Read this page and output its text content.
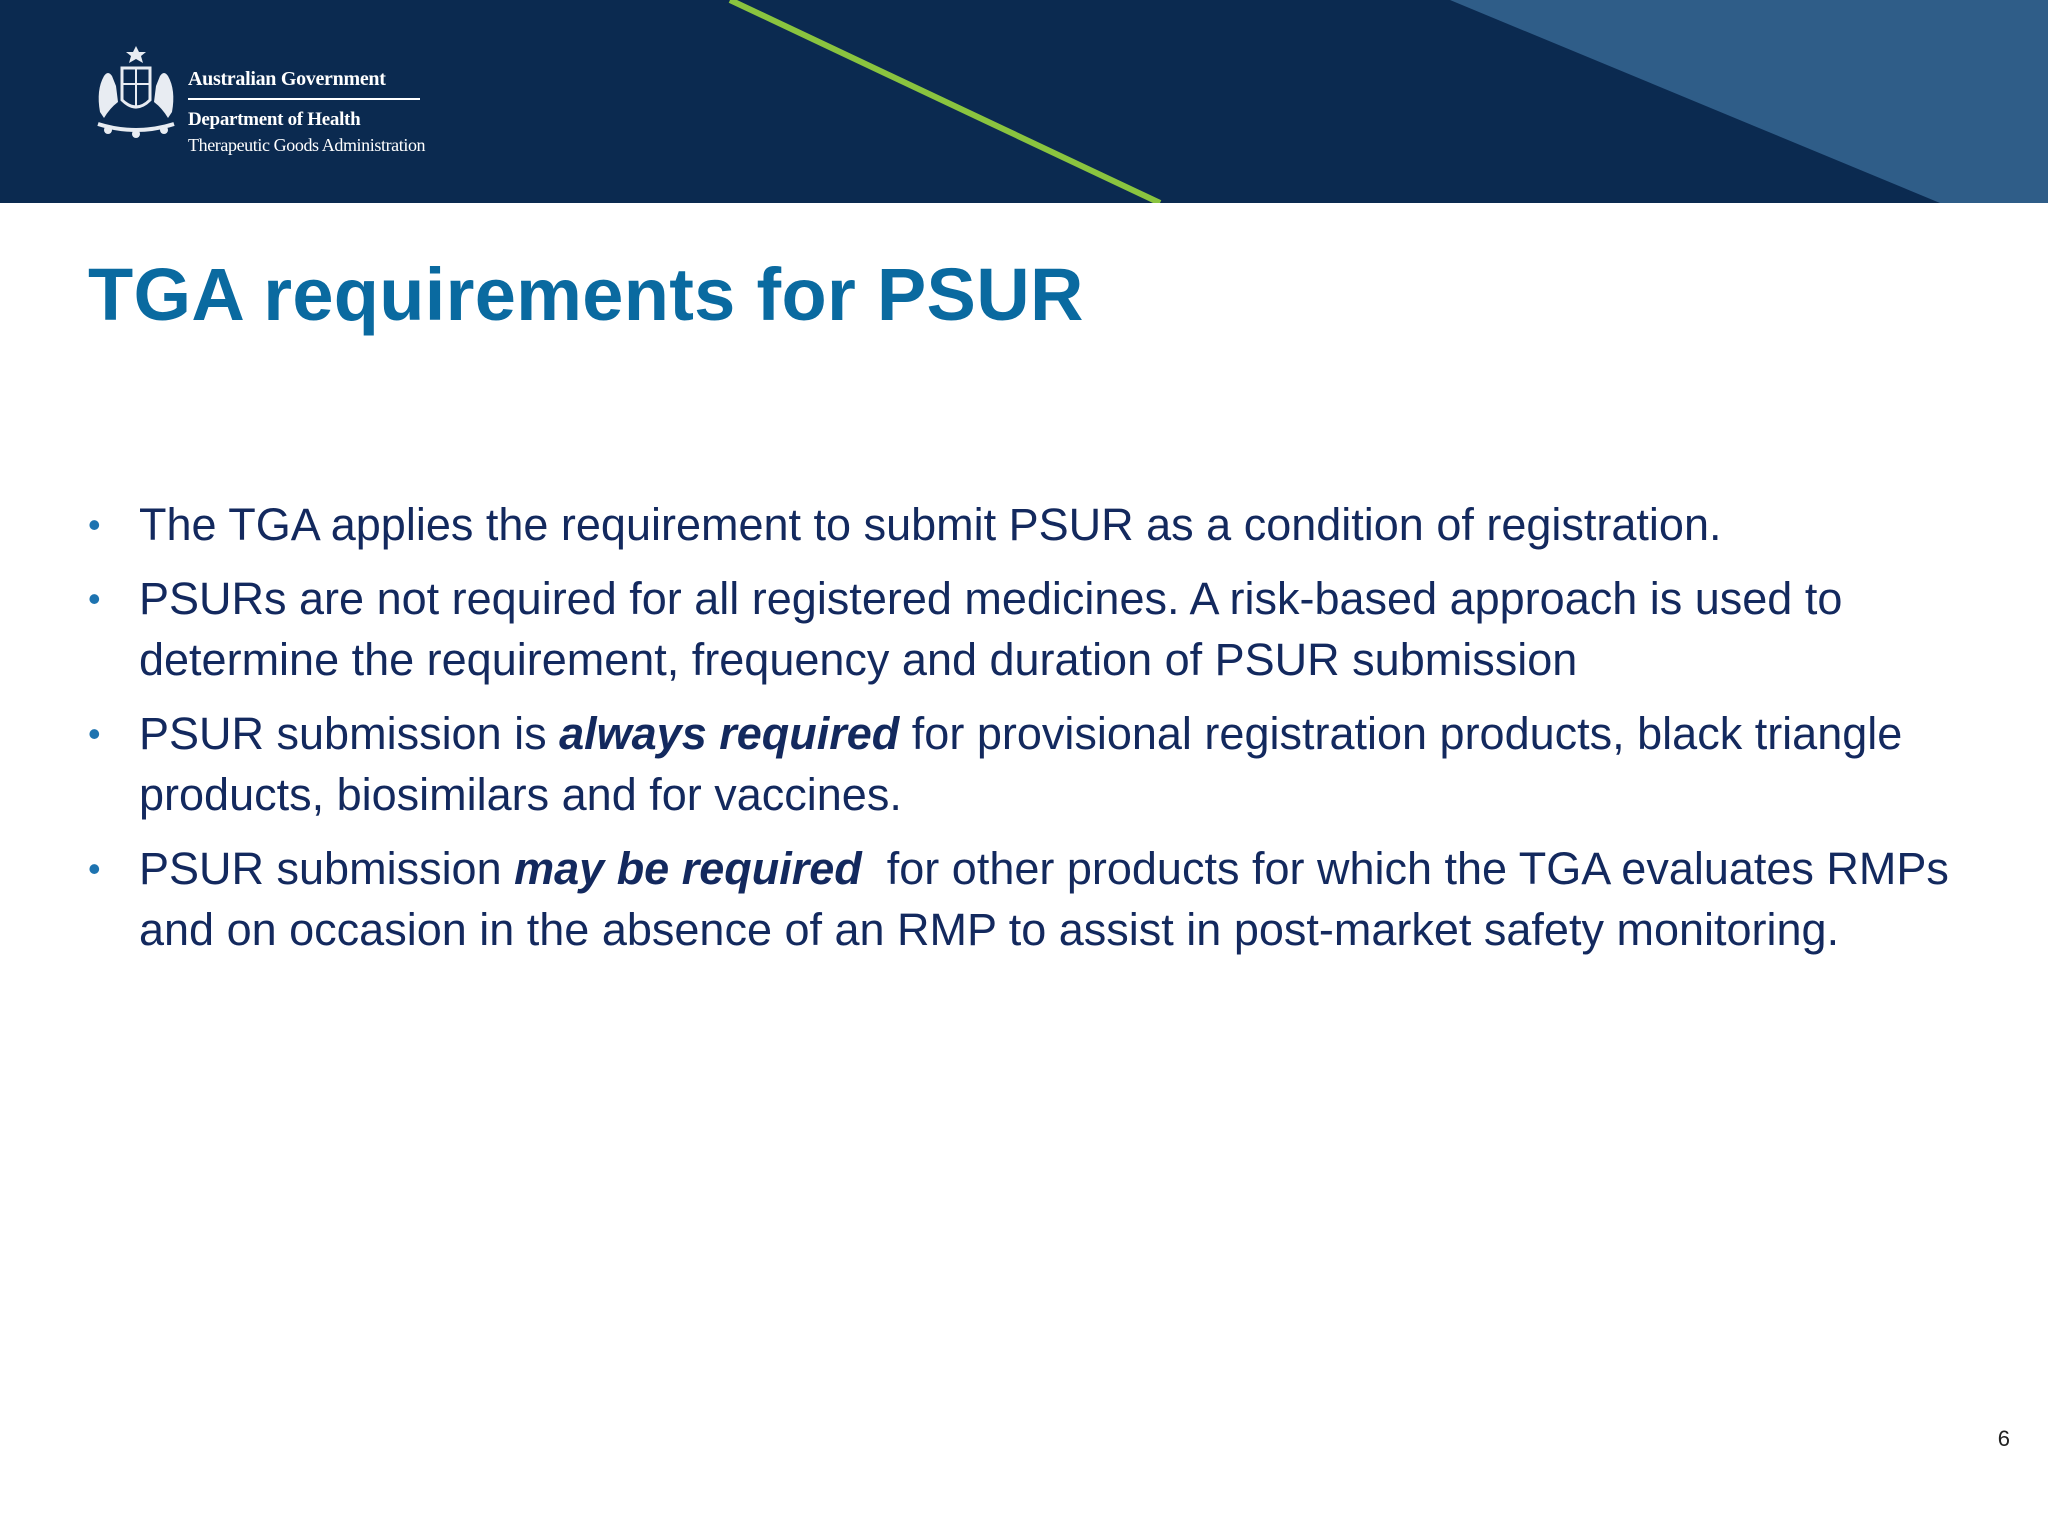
Australian Government
Department of Health
Therapeutic Goods Administration
TGA requirements for PSUR
• The TGA applies the requirement to submit PSUR as a condition of registration.
• PSURs are not required for all registered medicines. A risk-based approach is used to determine the requirement, frequency and duration of PSUR submission
• PSUR submission is always required for provisional registration products, black triangle products, biosimilars and for vaccines.
• PSUR submission may be required  for other products for which the TGA evaluates RMPs and on occasion in the absence of an RMP to assist in post-market safety monitoring.
6
